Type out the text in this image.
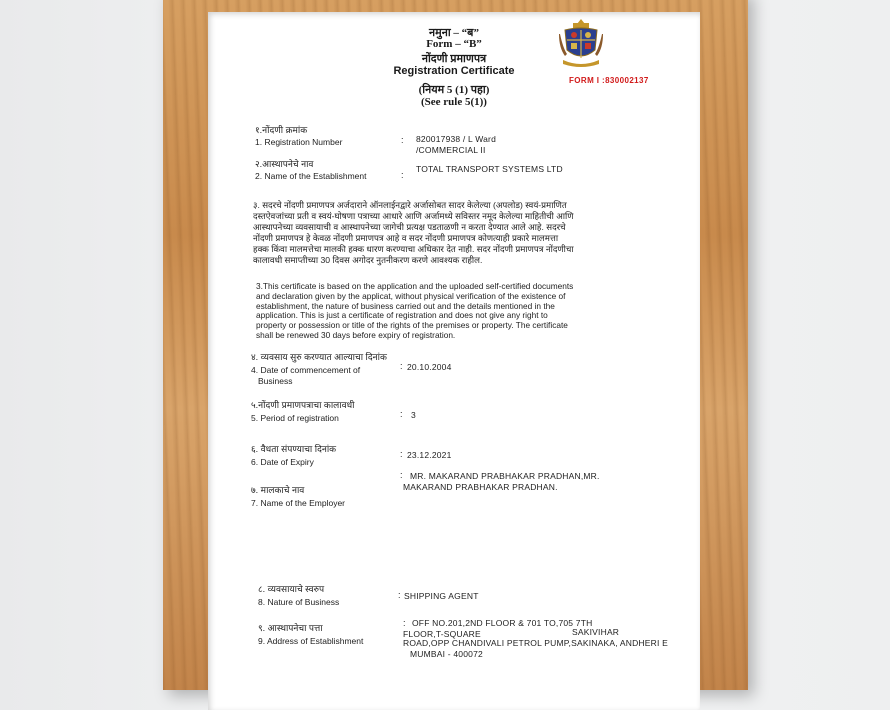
नमुना – “ब”
Form – “B”
नोंदणी प्रमाणपत्र
Registration Certificate
(नियम 5 (1) पहा)
(See rule 5(1))
FORM I :830002137
१.नोंदणी क्रमांक
1. Registration Number	: 820017938 / L Ward
/COMMERCIAL II
२.आस्थापनेचे नाव
2. Name of the Establishment	:
TOTAL TRANSPORT SYSTEMS LTD
३. सदरचे नोंदणी प्रमाणपत्र अर्जदाराने ऑनलाईनद्वारे अर्जासोबत सादर केलेल्या (अपलोड) स्वयं-प्रमाणित दस्तऐवजांच्या प्रती व स्वयं-घोषणा पत्राच्या आधारे आणि अर्जामध्ये सविस्तर नमूद केलेल्या माहितीची आणि आस्थापनेच्या व्यवसायाची व आस्थापनेच्या जागेची प्रत्यक्ष पडताळणी न करता देण्यात आले आहे. सदरचे नोंदणी प्रमाणपत्र हे केवळ नोंदणी प्रमाणपत्र आहे व सदर नोंदणी प्रमाणपत्र कोणत्याही प्रकारे मालमत्ता हक्क किंवा मालमत्तेचा मालकी हक्क धारण करण्याचा अधिकार देत नाही. सदर नोंदणी प्रमाणपत्र नोंदणीचा कालावधी समाप्तीच्या 30 दिवस अगोदर नुतनीकरण करणे आवश्यक राहील.
3.This certificate is based on the application and the uploaded self-certified documents and declaration given by the applicat, without physical verification of the existence of establishment, the nature of business carried out and the details mentioned in the application. This is just a certificate of registration and does not give any right to property or possession or title of the rights of the premises or property. The certificate shall be renewed 30 days before expiry of registration.
४. व्यवसाय सुरु करण्यात आल्याचा दिनांक
4. Date of commencement of
Business
: 20.10.2004
५.नोंदणी प्रमाणपत्राचा कालावधी
5. Period of registration	: 3
६. वैधता संपण्याचा दिनांक
6. Date of Expiry
: 23.12.2021
: MR. MAKARAND PRABHAKAR PRADHAN,MR.
MAKARAND PRABHAKAR PRADHAN.
७. मालकाचे नाव
7. Name of the Employer
८. व्यवसायाचे स्वरुप
8. Nature of Business
: SHIPPING AGENT
९. आस्थापनेचा पत्ता
9. Address of Establishment
: OFF NO.201,2ND FLOOR & 701 TO,705 7TH
FLOOR,T-SQUARE	SAKIVIHAR
ROAD,OPP CHANDIVALI PETROL PUMP,SAKINAKA, ANDHERI E
MUMBAI - 400072
